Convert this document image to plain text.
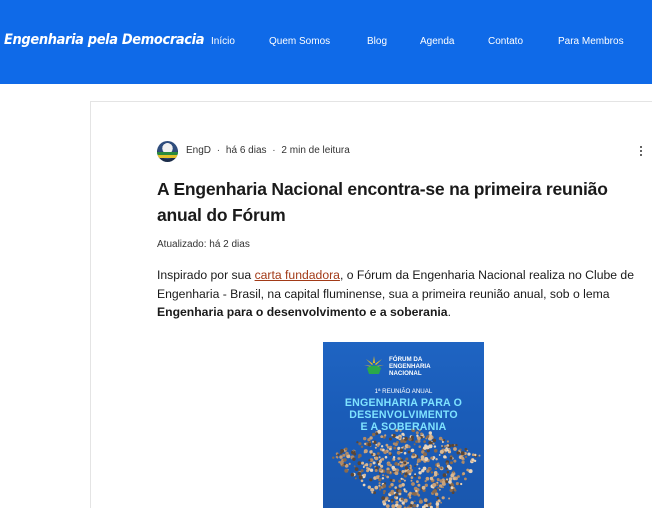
Engenharia pela Democracia Início	Quem Somos	Blog	Agenda	Contato	Para Membros
EngD · há 6 dias · 2 min de leitura
A Engenharia Nacional encontra-se na primeira reunião anual do Fórum
Atualizado: há 2 dias

Inspirado por sua carta fundadora, o Fórum da Engenharia Nacional realiza no Clube de Engenharia - Brasil, na capital fluminense, sua a primeira reunião anual, sob o lema Engenharia para o desenvolvimento e a soberania.

FÓRUM DA
ENGENHARIA
NACIONAL
1ª REUNIÃO ANUAL
ENGENHARIA PARA O
DESENVOLVIMENTO
E A SOBERANIA
